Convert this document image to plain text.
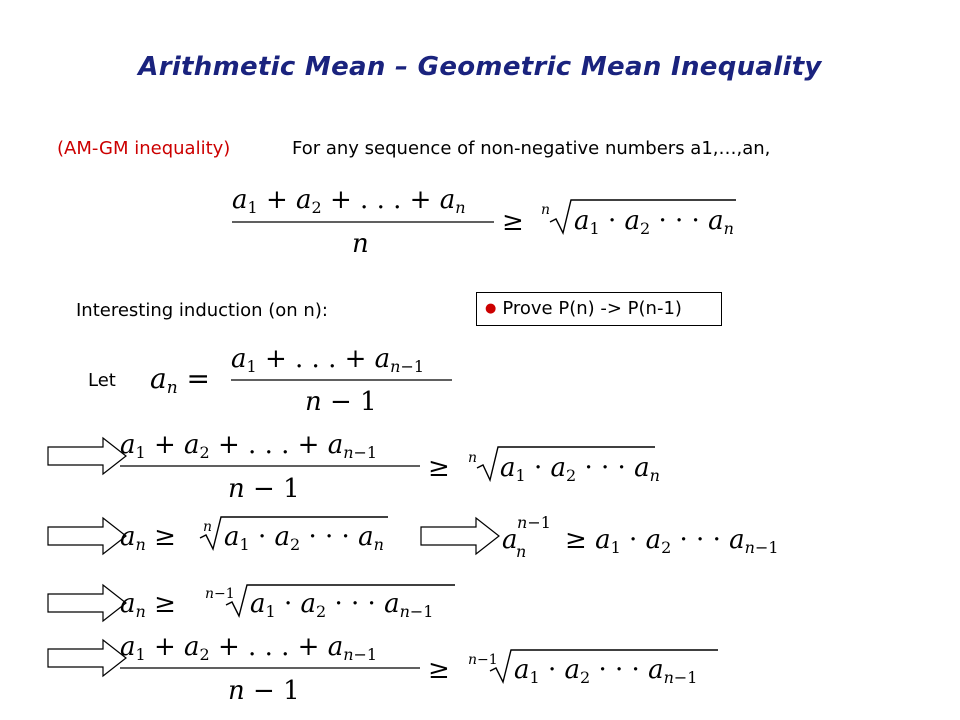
Arithmetic Mean – Geometric Mean Inequality
(AM-GM inequality)	For any sequence of non-negative numbers a1,…,an,
Interesting induction (on n):	● Prove P(n) -> P(n-1)
Let
a1 + a2 + . . . + an
n
≥ n a1 · a2 · · · an
an =
a1 + . . . + an−1
n − 1
a1 + a2 + . . . + an−1
n − 1
≥ n a1 · a2 · · · an
an ≥ n a1 · a2 · · · an	a
n
n−1
≥ a1 · a2 · · · an−1
an ≥ n−1 a1 · a2 · · · an−1
a1 + a2 + . . . + an−1
n − 1
≥ n−1 a1 · a2 · · · an−1
